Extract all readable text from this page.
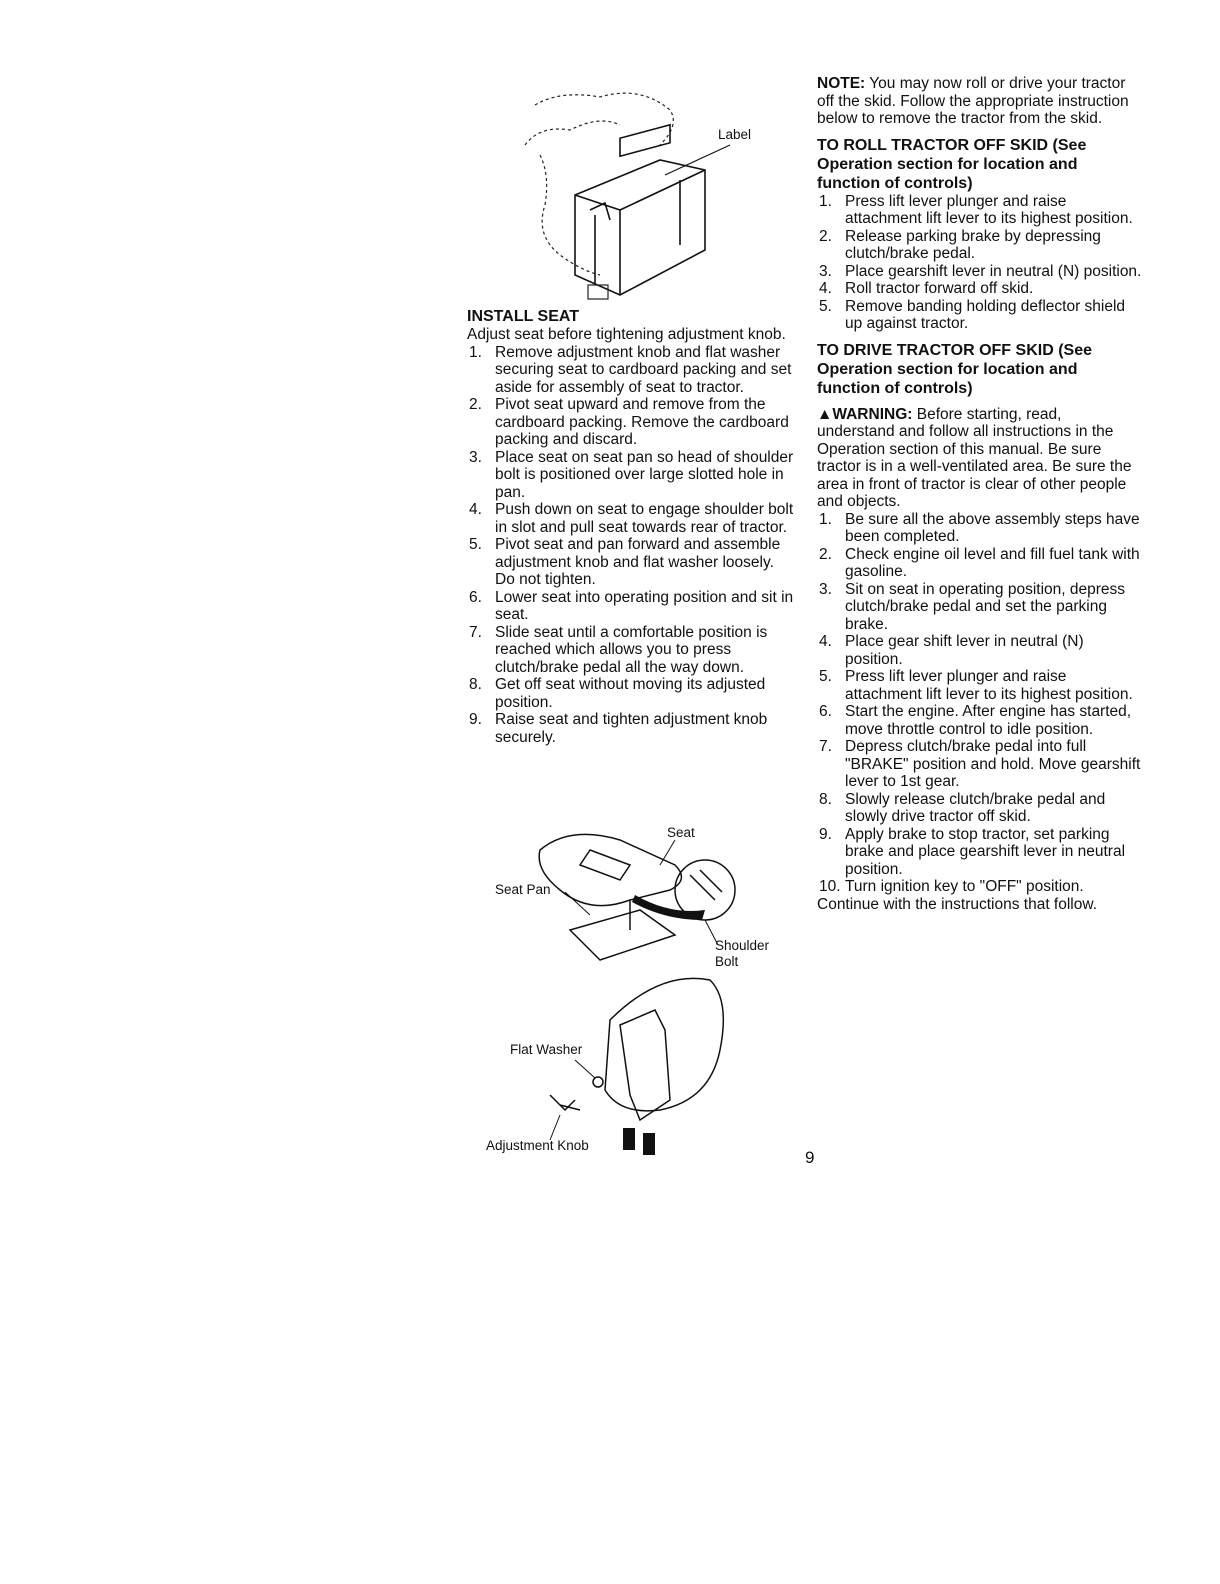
Label
INSTALL SEAT

Adjust seat before tightening adjustment knob.

1. Remove adjustment knob and flat washer securing seat to cardboard packing and set aside for assembly of seat to tractor.
2. Pivot seat upward and remove from the cardboard packing. Remove the cardboard packing and discard.
3. Place seat on seat pan so head of shoulder bolt is positioned over large slotted hole in pan.
4. Push down on seat to engage shoulder bolt in slot and pull seat towards rear of tractor.
5. Pivot seat and pan forward and assemble adjustment knob and flat washer loosely. Do not tighten.
6. Lower seat into operating position and sit in seat.
7. Slide seat until a comfortable position is reached which allows you to press clutch/brake pedal all the way down.
8. Get off seat without moving its adjusted position.
9. Raise seat and tighten adjustment knob securely.
Seat
Seat Pan
Shoulder Bolt
Flat Washer
Adjustment Knob

NOTE: You may now roll or drive your tractor off the skid. Follow the appropriate instruction below to remove the tractor from the skid.

TO ROLL TRACTOR OFF SKID (See Operation section for location and function of controls)
1. Press lift lever plunger and raise attachment lift lever to its highest position.
2. Release parking brake by depressing clutch/brake pedal.
3. Place gearshift lever in neutral (N) position.
4. Roll tractor forward off skid.
5. Remove banding holding deflector shield up against tractor.
TO DRIVE TRACTOR OFF SKID (See Operation section for location and function of controls)

▲WARNING: Before starting, read, understand and follow all instructions in the Operation section of this manual. Be sure tractor is in a well-ventilated area. Be sure the area in front of tractor is clear of other people and objects.

1. Be sure all the above assembly steps have been completed.
2. Check engine oil level and fill fuel tank with gasoline.
3. Sit on seat in operating position, depress clutch/brake pedal and set the parking brake.
4. Place gear shift lever in neutral (N) position.
5. Press lift lever plunger and raise attachment lift lever to its highest position.
6. Start the engine. After engine has started, move throttle control to idle position.
7. Depress clutch/brake pedal into full "BRAKE" position and hold. Move gearshift lever to 1st gear.
8. Slowly release clutch/brake pedal and slowly drive tractor off skid.
9. Apply brake to stop tractor, set parking brake and place gearshift lever in neutral position.
10. Turn ignition key to "OFF" position.

Continue with the instructions that follow.

9
